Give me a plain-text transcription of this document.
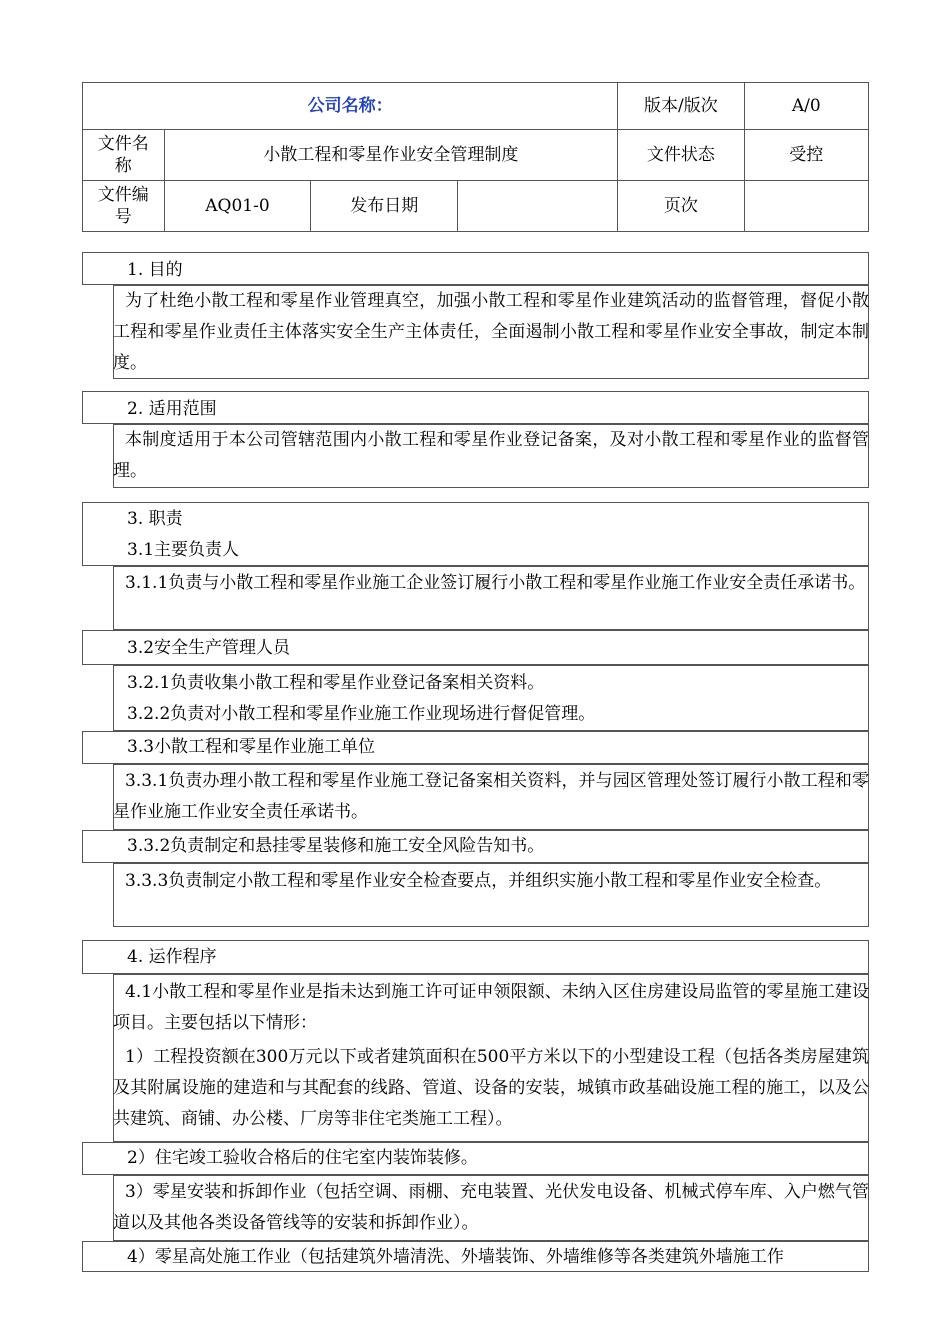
公司名称：				版本/版次	A/0

文件名称	小散工程和零星作业安全管理制度			文件状态	受控

文件编号	AQ01-0	发布日期		页次	
1. 目的
为了杜绝小散工程和零星作业管理真空，加强小散工程和零星作业建筑活动的监督管理，督促小散工程和零星作业责任主体落实安全生产主体责任，全面遏制小散工程和零星作业安全事故，制定本制度。
2. 适用范围
本制度适用于本公司管辖范围内小散工程和零星作业登记备案，及对小散工程和零星作业的监督管理。
3. 职责
3.1主要负责人
3.1.1负责与小散工程和零星作业施工企业签订履行小散工程和零星作业施工作业安全责任承诺书。
3.2安全生产管理人员
3.2.1负责收集小散工程和零星作业登记备案相关资料。
3.2.2负责对小散工程和零星作业施工作业现场进行督促管理。
3.3小散工程和零星作业施工单位
3.3.1负责办理小散工程和零星作业施工登记备案相关资料，并与园区管理处签订履行小散工程和零星作业施工作业安全责任承诺书。
3.3.2负责制定和悬挂零星装修和施工安全风险告知书。
3.3.3负责制定小散工程和零星作业安全检查要点，并组织实施小散工程和零星作业安全检查。
4. 运作程序
4.1小散工程和零星作业是指未达到施工许可证申领限额、未纳入区住房建设局监管的零星施工建设项目。主要包括以下情形：
1）工程投资额在300万元以下或者建筑面积在500平方米以下的小型建设工程（包括各类房屋建筑及其附属设施的建造和与其配套的线路、管道、设备的安装，城镇市政基础设施工程的施工，以及公共建筑、商铺、办公楼、厂房等非住宅类施工工程）。
2）住宅竣工验收合格后的住宅室内装饰装修。
3）零星安装和拆卸作业（包括空调、雨棚、充电装置、光伏发电设备、机械式停车库、入户燃气管道以及其他各类设备管线等的安装和拆卸作业）。
4）零星高处施工作业（包括建筑外墙清洗、外墙装饰、外墙维修等各类建筑外墙施工作
